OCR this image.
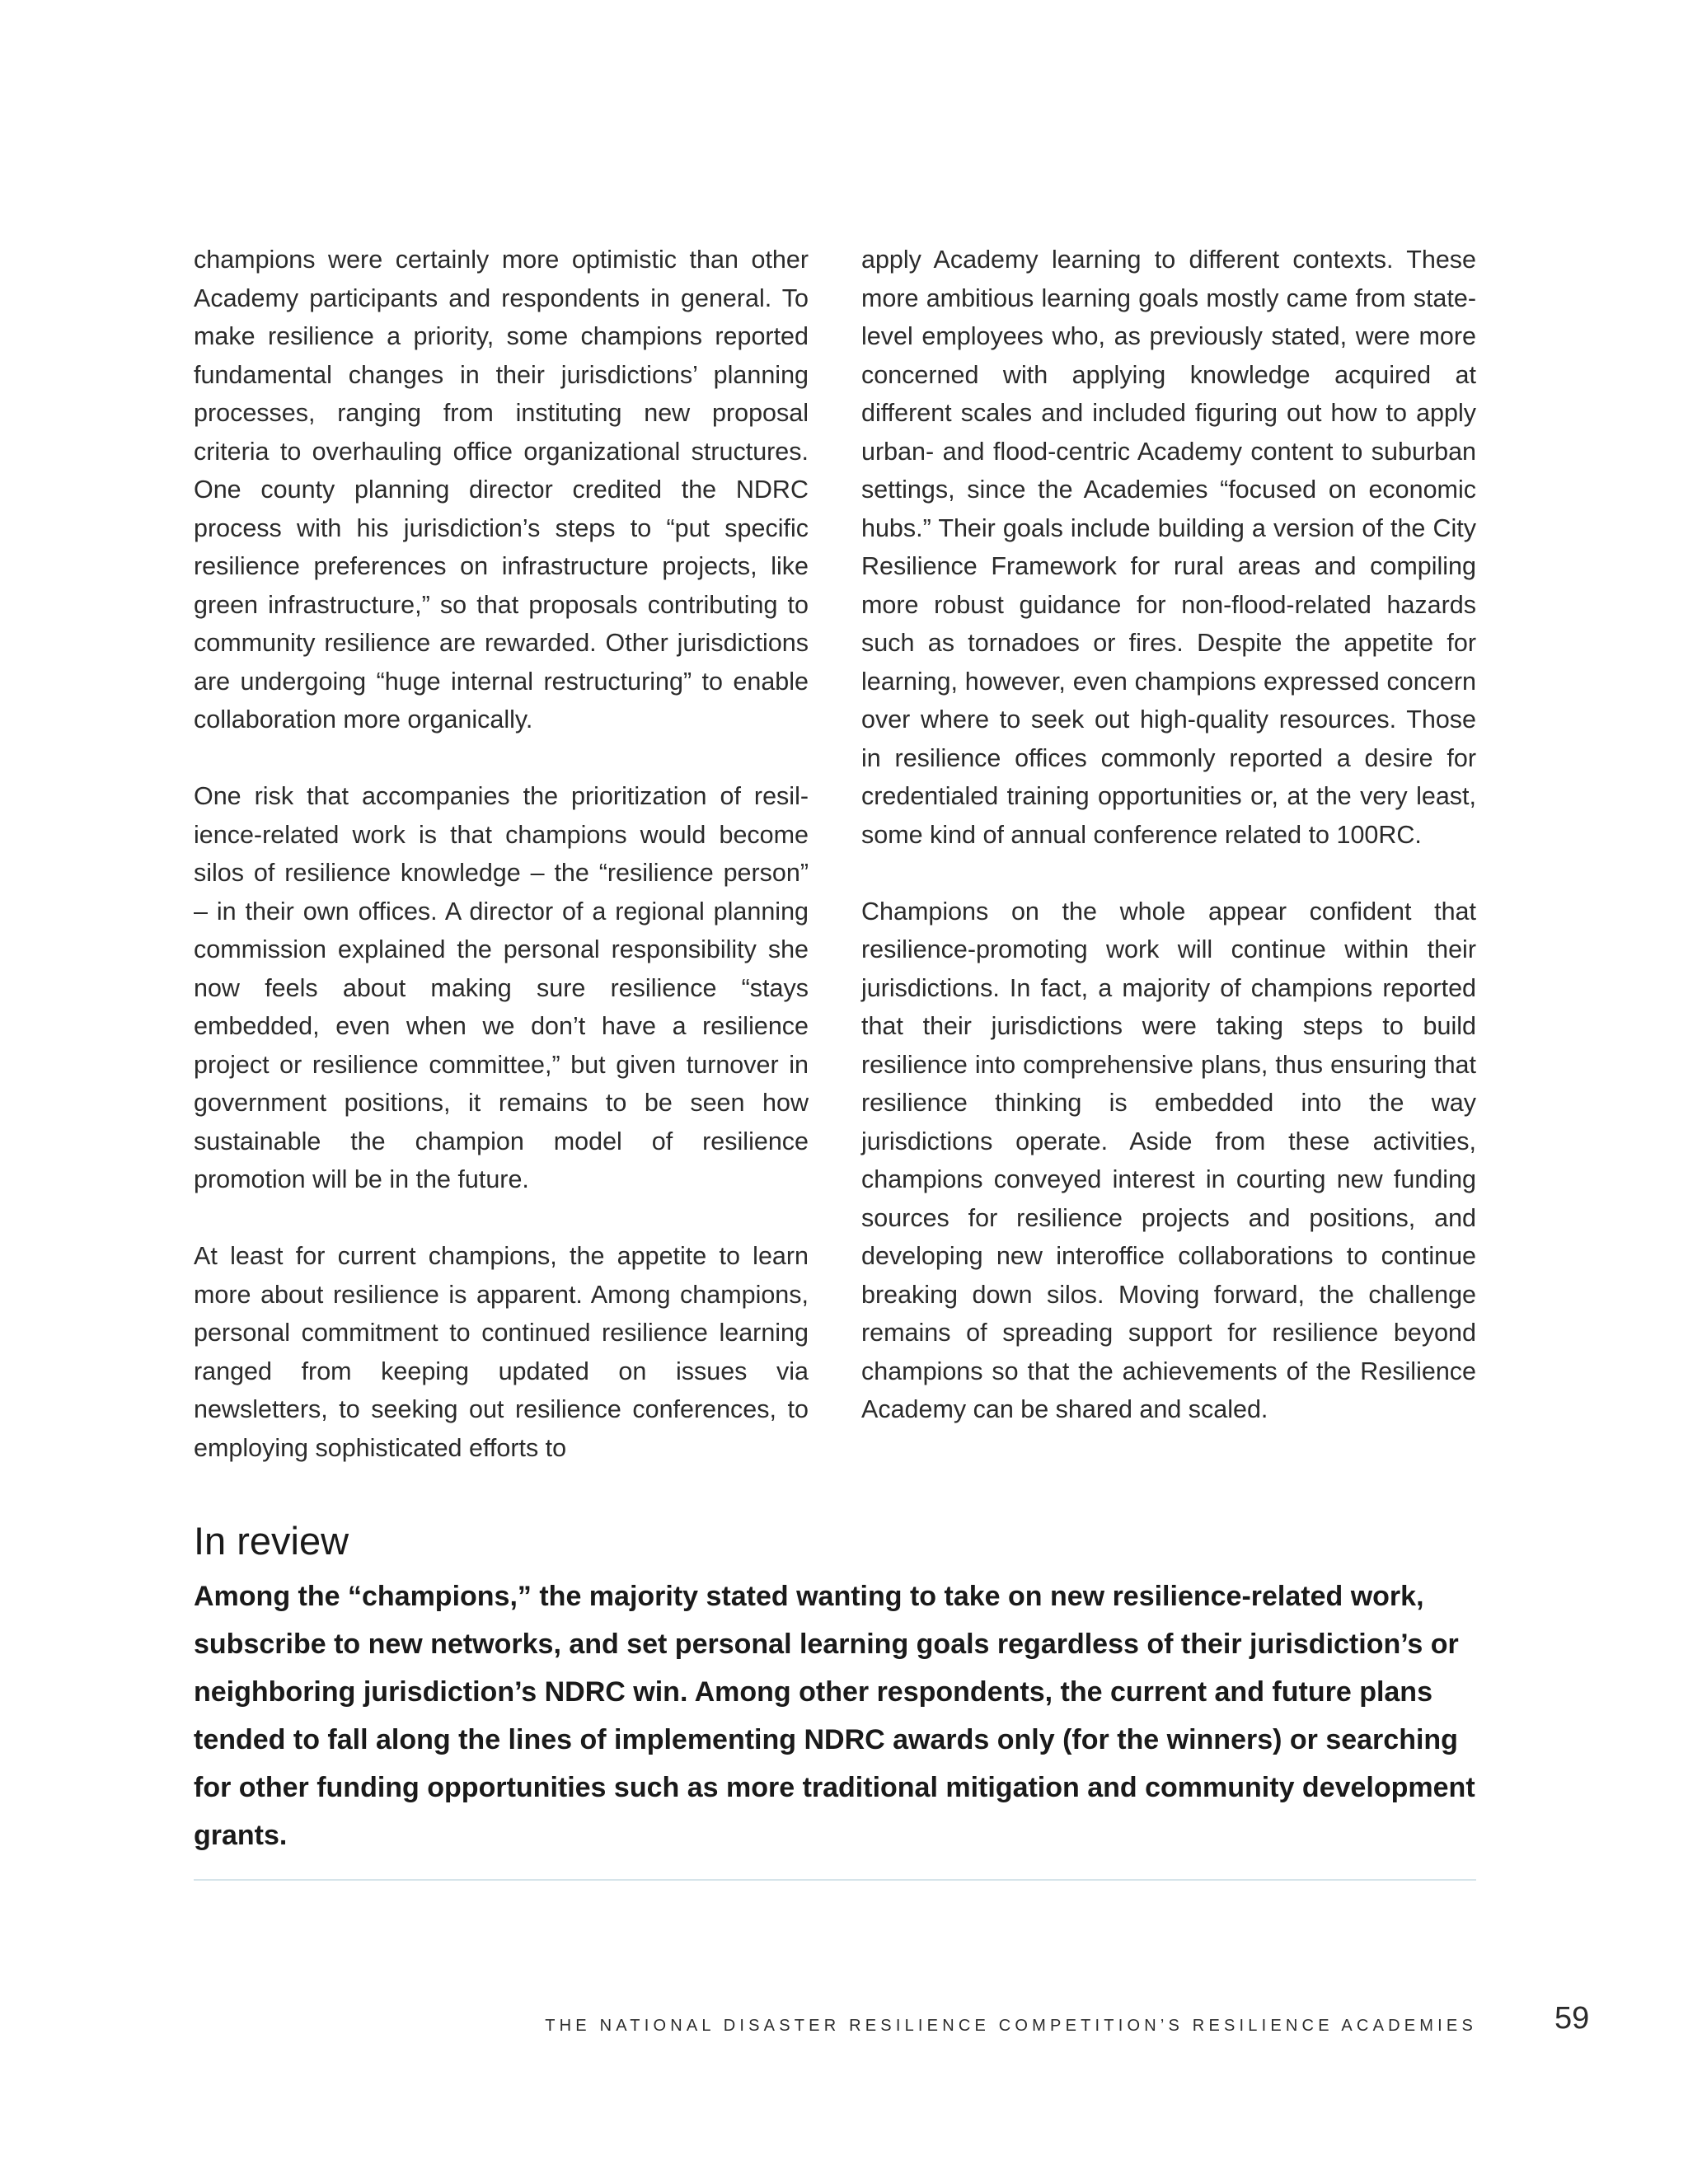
champions were certainly more optimistic than other Academy participants and respondents in general. To make resilience a priority, some champions reported fundamental changes in their jurisdictions’ planning processes, ranging from instituting new proposal criteria to overhauling office organizational structures. One county planning director credited the NDRC process with his jurisdiction’s steps to “put specific resilience preferences on infrastructure projects, like green infrastructure,” so that proposals contributing to community resilience are rewarded. Other jurisdictions are undergoing “huge internal restructuring” to enable collaboration more organically.

One risk that accompanies the prioritization of resil-ience-related work is that champions would become silos of resilience knowledge – the “resilience person” – in their own offices. A director of a regional planning commission explained the personal responsibility she now feels about making sure resilience “stays embedded, even when we don’t have a resilience project or resilience committee,” but given turnover in government positions, it remains to be seen how sustainable the champion model of resilience promotion will be in the future.

At least for current champions, the appetite to learn more about resilience is apparent. Among champions, personal commitment to continued resilience learning ranged from keeping updated on issues via newsletters, to seeking out resilience conferences, to employing sophisticated efforts to

apply Academy learning to different contexts. These more ambitious learning goals mostly came from state-level employees who, as previously stated, were more concerned with applying knowledge acquired at different scales and included figuring out how to apply urban- and flood-centric Academy content to suburban settings, since the Academies “focused on economic hubs.” Their goals include building a version of the City Resilience Framework for rural areas and compiling more robust guidance for non-flood-related hazards such as tornadoes or fires. Despite the appetite for learning, however, even champions expressed concern over where to seek out high-quality resources. Those in resilience offices commonly reported a desire for credentialed training opportunities or, at the very least, some kind of annual conference related to 100RC.

Champions on the whole appear confident that resilience-promoting work will continue within their jurisdictions. In fact, a majority of champions reported that their jurisdictions were taking steps to build resilience into comprehensive plans, thus ensuring that resilience thinking is embedded into the way jurisdictions operate. Aside from these activities, champions conveyed interest in courting new funding sources for resilience projects and positions, and developing new interoffice collaborations to continue breaking down silos. Moving forward, the challenge remains of spreading support for resilience beyond champions so that the achievements of the Resilience Academy can be shared and scaled.

In review

Among the “champions,” the majority stated wanting to take on new resilience-related work, subscribe to new networks, and set personal learning goals regardless of their jurisdiction’s or neighboring jurisdiction’s NDRC win. Among other respondents, the current and future plans tended to fall along the lines of implementing NDRC awards only (for the winners) or searching for other funding opportunities such as more traditional mitigation and community development grants.

THE NATIONAL DISASTER RESILIENCE COMPETITION’S RESILIENCE ACADEMIES 59
